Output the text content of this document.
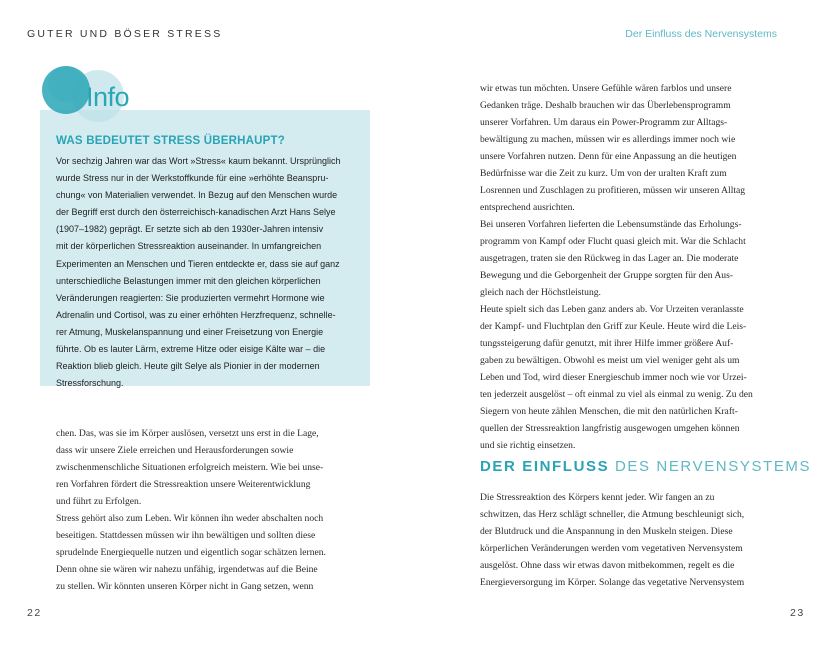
GUTER UND BÖSER STRESS	Der Einfluss des Nervensystems
Info
WAS BEDEUTET STRESS ÜBERHAUPT?
Vor sechzig Jahren war das Wort »Stress« kaum bekannt. Ursprünglich
wurde Stress nur in der Werkstoffkunde für eine »erhöhte Beanspru-
chung« von Materialien verwendet. In Bezug auf den Menschen wurde
der Begriff erst durch den österreichisch-kanadischen Arzt Hans Selye
(1907–1982) geprägt. Er setzte sich ab den 1930er-Jahren intensiv
mit der körperlichen Stressreaktion auseinander. In umfangreichen
Experimenten an Menschen und Tieren entdeckte er, dass sie auf ganz
unterschiedliche Belastungen immer mit den gleichen körperlichen
Veränderungen reagierten: Sie produzierten vermehrt Hormone wie
Adrenalin und Cortisol, was zu einer erhöhten Herzfrequenz, schnelle-
rer Atmung, Muskelanspannung und einer Freisetzung von Energie
führte. Ob es lauter Lärm, extreme Hitze oder eisige Kälte war – die
Reaktion blieb gleich. Heute gilt Selye als Pionier in der modernen
Stressforschung.
chen. Das, was sie im Körper auslösen, versetzt uns erst in die Lage,
dass wir unsere Ziele erreichen und Herausforderungen sowie
zwischenmenschliche Situationen erfolgreich meistern. Wie bei unse-
ren Vorfahren fördert die Stressreaktion unsere Weiterentwicklung
und führt zu Erfolgen.
Stress gehört also zum Leben. Wir können ihn weder abschalten noch
beseitigen. Stattdessen müssen wir ihn bewältigen und sollten diese
sprudelnde Energiequelle nutzen und eigentlich sogar schätzen lernen.
Denn ohne sie wären wir nahezu unfähig, irgendetwas auf die Beine
zu stellen. Wir könnten unseren Körper nicht in Gang setzen, wenn
wir etwas tun möchten. Unsere Gefühle wären farblos und unsere
Gedanken träge. Deshalb brauchen wir das Überlebensprogramm
unserer Vorfahren. Um daraus ein Power-Programm zur Alltags-
bewältigung zu machen, müssen wir es allerdings immer noch wie
unsere Vorfahren nutzen. Denn für eine Anpassung an die heutigen
Bedürfnisse war die Zeit zu kurz. Um von der uralten Kraft zum
Losrennen und Zuschlagen zu profitieren, müssen wir unseren Alltag
entsprechend ausrichten.
Bei unseren Vorfahren lieferten die Lebensumstände das Erholungs-
programm von Kampf oder Flucht quasi gleich mit. War die Schlacht
ausgetragen, traten sie den Rückweg in das Lager an. Die moderate
Bewegung und die Geborgenheit der Gruppe sorgten für den Aus-
gleich nach der Höchstleistung.
Heute spielt sich das Leben ganz anders ab. Vor Urzeiten veranlasste
der Kampf- und Fluchtplan den Griff zur Keule. Heute wird die Leis-
tungssteigerung dafür genutzt, mit ihrer Hilfe immer größere Auf-
gaben zu bewältigen. Obwohl es meist um viel weniger geht als um
Leben und Tod, wird dieser Energieschub immer noch wie vor Urzei-
ten jederzeit ausgelöst – oft einmal zu viel als einmal zu wenig. Zu den
Siegern von heute zählen Menschen, die mit den natürlichen Kraft-
quellen der Stressreaktion langfristig ausgewogen umgehen können
und sie richtig einsetzen.
DER EINFLUSS DES NERVENSYSTEMS
Die Stressreaktion des Körpers kennt jeder. Wir fangen an zu
schwitzen, das Herz schlägt schneller, die Atmung beschleunigt sich,
der Blutdruck und die Anspannung in den Muskeln steigen. Diese
körperlichen Veränderungen werden vom vegetativen Nervensystem
ausgelöst. Ohne dass wir etwas davon mitbekommen, regelt es die
Energieversorgung im Körper. Solange das vegetative Nervensystem
22	23
